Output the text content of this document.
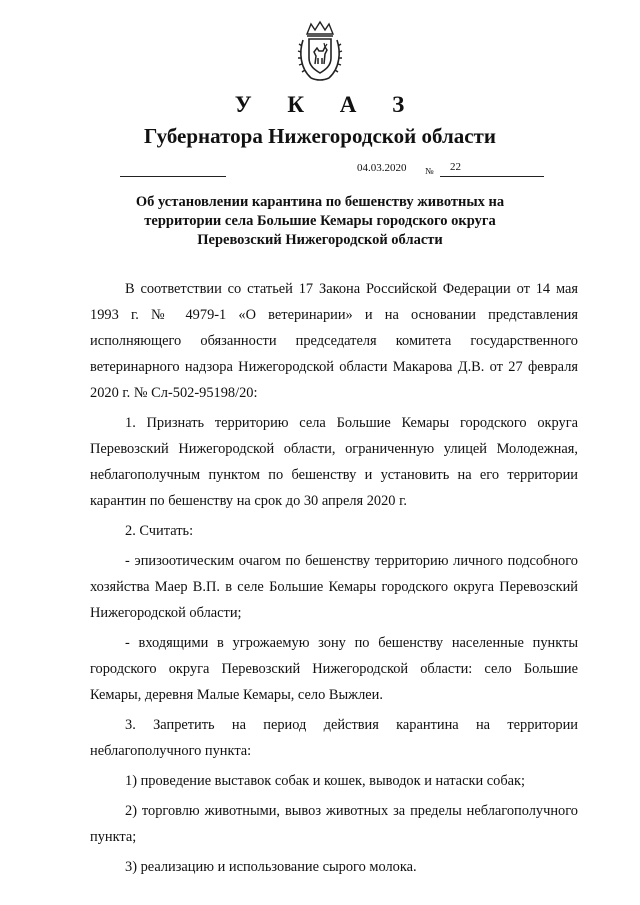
У К А З
Губернатора Нижегородской области
04.03.2020 № 22
Об установлении карантина по бешенству животных на
территории села Большие Кемары городского округа
Перевозский Нижегородской области

В соответствии со статьей 17 Закона Российской Федерации от 14 мая 1993 г. № 4979-1 «О ветеринарии» и на основании представления исполняющего обязанности председателя комитета государственного ветеринарного надзора Нижегородской области Макарова Д.В. от 27 февраля 2020 г. № Сл-502-95198/20:

1. Признать территорию села Большие Кемары городского округа Перевозский Нижегородской области, ограниченную улицей Молодежная, неблагополучным пунктом по бешенству и установить на его территории карантин по бешенству на срок до 30 апреля 2020 г.

2. Считать:

- эпизоотическим очагом по бешенству территорию личного подсобного хозяйства Маер В.П. в селе Большие Кемары городского округа Перевозский Нижегородской области;

- входящими в угрожаемую зону по бешенству населенные пункты городского округа Перевозский Нижегородской области: село Большие Кемары, деревня Малые Кемары, село Выжлеи.

3. Запретить на период действия карантина на территории неблагополучного пункта:

1) проведение выставок собак и кошек, выводок и натаски собак;

2) торговлю животными, вывоз животных за пределы неблагополучного пункта;

3) реализацию и использование сырого молока.
